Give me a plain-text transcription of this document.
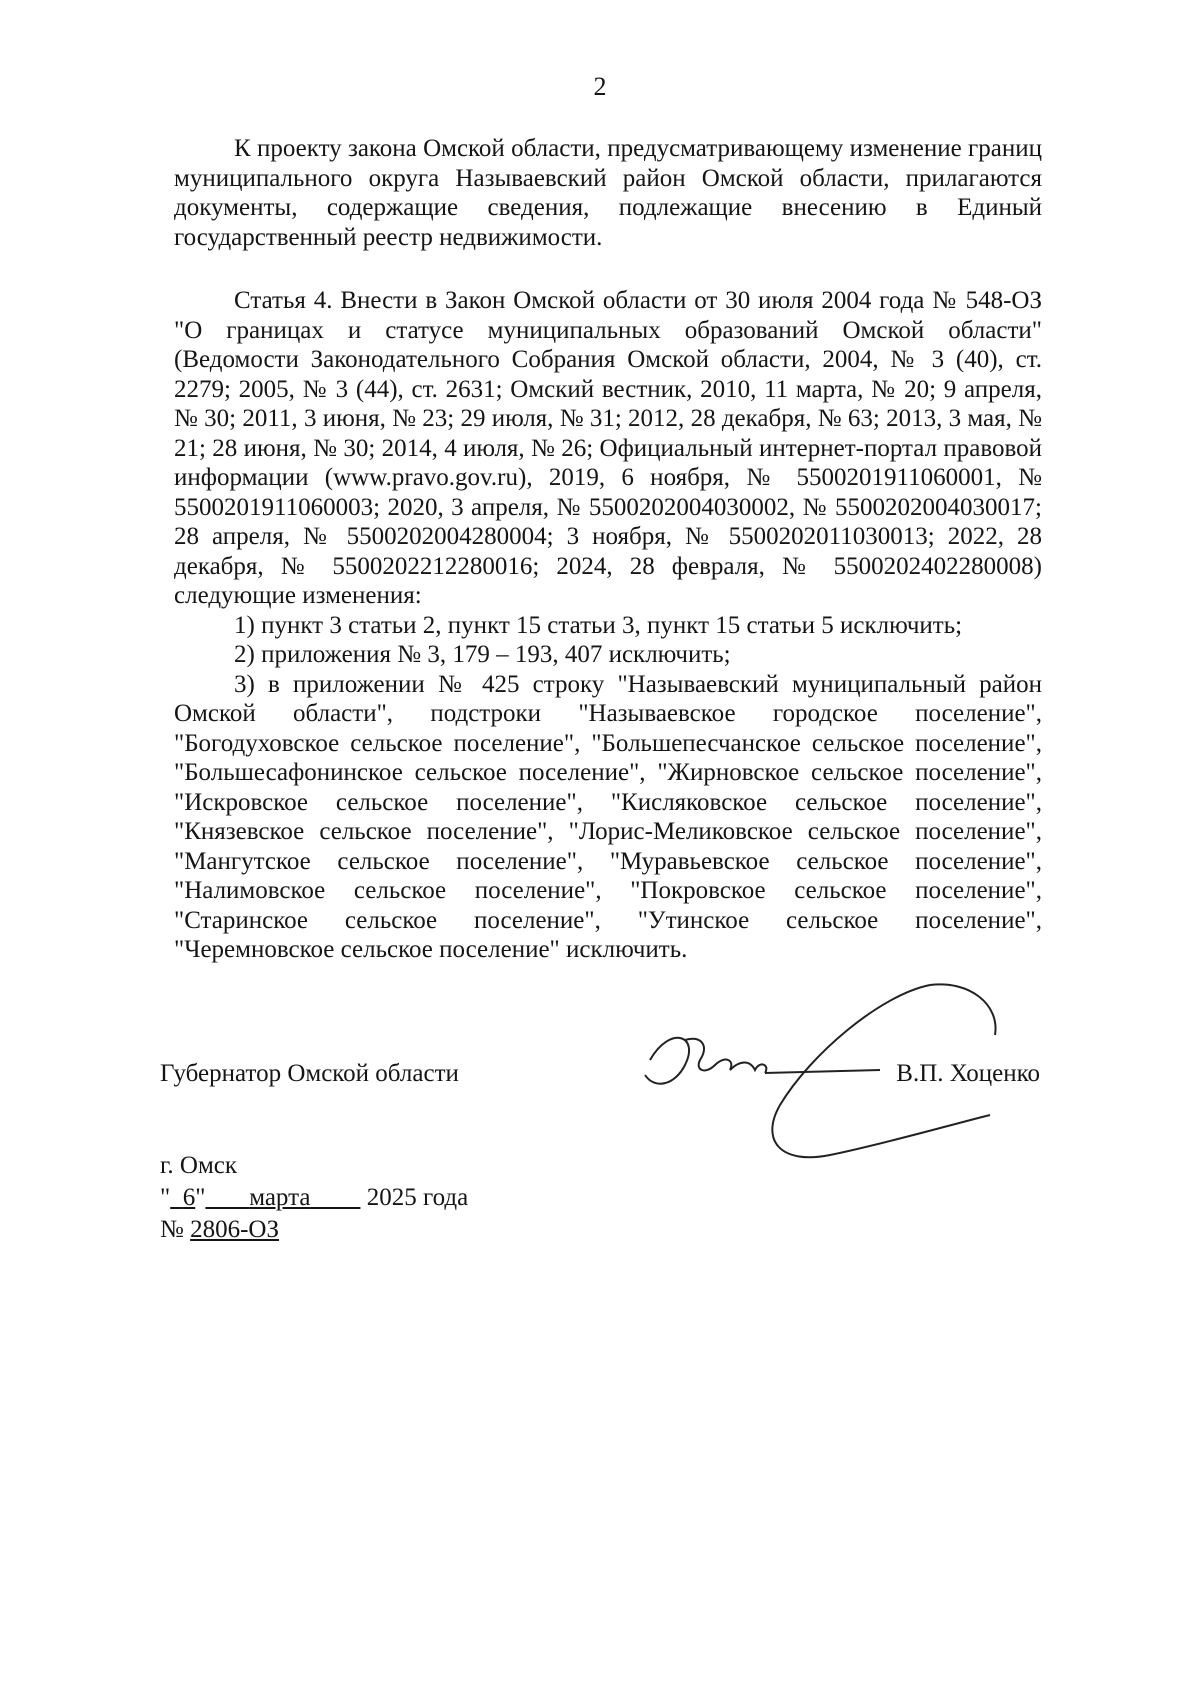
2

К проекту закона Омской области, предусматривающему изменение границ муниципального округа Называевский район Омской области, прилагаются документы, содержащие сведения, подлежащие внесению в Единый государственный реестр недвижимости.

Статья 4. Внести в Закон Омской области от 30 июля 2004 года № 548-ОЗ "О границах и статусе муниципальных образований Омской области" (Ведомости Законодательного Собрания Омской области, 2004, № 3 (40), ст. 2279; 2005, № 3 (44), ст. 2631; Омский вестник, 2010, 11 марта, № 20; 9 апреля, № 30; 2011, 3 июня, № 23; 29 июля, № 31; 2012, 28 декабря, № 63; 2013, 3 мая, № 21; 28 июня, № 30; 2014, 4 июля, № 26; Официальный интернет-портал правовой информации (www.pravo.gov.ru), 2019, 6 ноября, № 5500201911060001, № 5500201911060003; 2020, 3 апреля, № 5500202004030002, № 5500202004030017; 28 апреля, № 5500202004280004; 3 ноября, № 5500202011030013; 2022, 28 декабря, № 5500202212280016; 2024, 28 февраля, № 5500202402280008) следующие изменения:

1) пункт 3 статьи 2, пункт 15 статьи 3, пункт 15 статьи 5 исключить;

2) приложения № 3, 179 – 193, 407 исключить;

3) в приложении № 425 строку "Называевский муниципальный район Омской области", подстроки "Называевское городское поселение", "Богодуховское сельское поселение", "Большепесчанское сельское поселение", "Большесафонинское сельское поселение", "Жирновское сельское поселение", "Искровское сельское поселение", "Кисляковское сельское поселение", "Князевское сельское поселение", "Лорис-Меликовское сельское поселение", "Мангутское сельское поселение", "Муравьевское сельское поселение", "Налимовское сельское поселение", "Покровское сельское поселение", "Старинское сельское поселение", "Утинское сельское поселение", "Черемновское сельское поселение" исключить.

Губернатор Омской области	В.П. Хоценко
г. Омск
" 6" марта 2025 года
№ 2806-ОЗ
